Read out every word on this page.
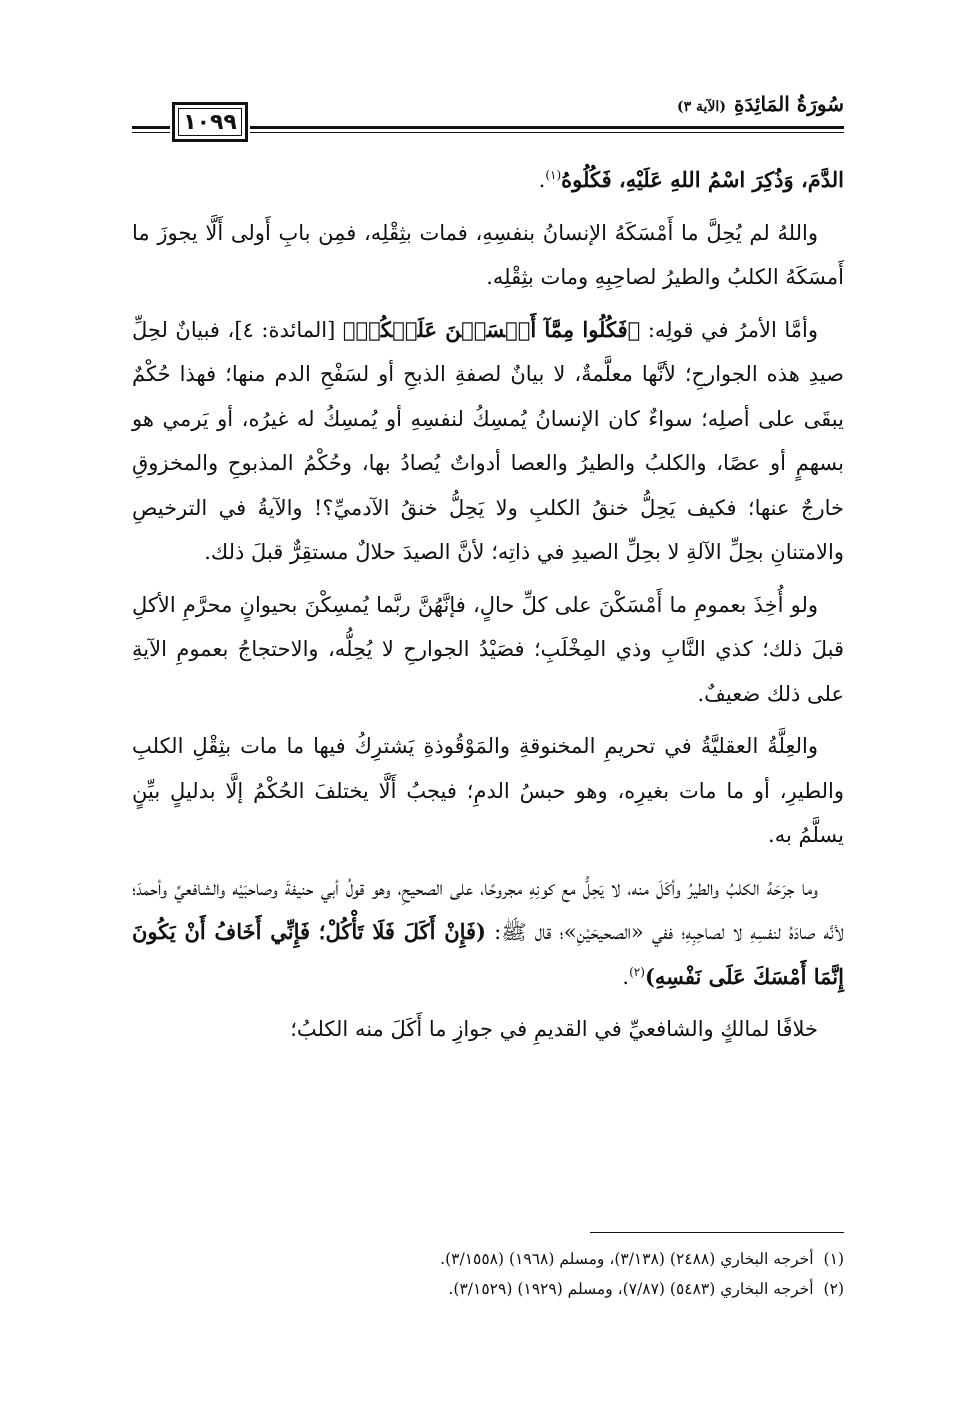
١٠٩٩
سُورَةُ المَائِدَةِ(الآية ٣)

الدَّمَ، وَذُكِرَ اسْمُ اللهِ عَلَيْهِ، فَكُلُوهُ$^{(١)}$.

واللهُ لم يُحِلَّ ما أَمْسَكَهُ الإنسانُ بنفسِهِ، فمات بثِقْلِه، فمِن بابِ أَولى أَلَّا يجوزَ ما أَمسَكَهُ الكلبُ والطيرُ لصاحِبِهِ ومات بثِقْلِه.

وأمَّا الأمرُ في قولِه: ﴿فَكُلُوا مِمَّآ أَمۡسَكۡنَ عَلَيۡكُمۡ﴾ [المائدة: ٤]، فبيانٌ لحِلِّ صيدِ هذه الجوارحِ؛ لأنَّها معلَّمةٌ، لا بيانٌ لصفةِ الذبحِ أو لسَفْحِ الدم منها؛ فهذا حُكْمٌ يبقَى على أصلِه؛ سواءٌ كان الإنسانُ يُمسِكُ لنفسِهِ أو يُمسِكُ له غيرُه، أو يَرمي هو بسهمٍ أو عصًا، والكلبُ والطيرُ والعصا أدواتٌ يُصادُ بها، وحُكْمُ المذبوحِ والمخزوقِ خارجٌ عنها؛ فكيف يَحِلُّ خنقُ الكلبِ ولا يَحِلُّ خنقُ الآدميِّ؟! والآيةُ في الترخيصِ والامتنانِ بحِلِّ الآلةِ لا بحِلِّ الصيدِ في ذاتِه؛ لأنَّ الصيدَ حلالٌ مستقِرٌّ قبلَ ذلك.

ولو أُخِذَ بعمومِ ما أَمْسَكْنَ على كلِّ حالٍ، فإنَّهُنَّ ربَّما يُمسِكْنَ بحيوانٍ محرَّمِ الأكلِ قبلَ ذلك؛ كذي النَّابِ وذي المِخْلَبِ؛ فصَيْدُ الجوارحِ لا يُحِلُّه، والاحتجاجُ بعمومِ الآيةِ على ذلك ضعيفٌ.

والعِلَّةُ العقليَّةُ في تحريمِ المخنوقةِ والمَوْقُوذةِ يَشترِكُ فيها ما مات بثِقْلِ الكلبِ والطيرِ، أو ما مات بغيرِه، وهو حبسُ الدمِ؛ فيجبُ أَلَّا يختلفَ الحُكْمُ إلَّا بدليلٍ بيِّنٍ يسلَّمُ به.

وما جرَحَهُ الكلبُ والطيرُ وأكَلَ منه، لا يَحِلُّ مع كونِهِ مجروحًا، على الصحيحِ، وهو قولُ أبي حنيفةَ وصاحبَيْه والشافعيِّ وأحمدَ؛ لأنَّه صادَهُ لنفسِهِ لا لصاحِبِهِ؛ ففي «الصحيحَيْنِ»؛ قال ﷺ: (فَإِنْ أَكَلَ فَلَا تَأْكُلْ؛ فَإِنِّي أَخَافُ أَنْ يَكُونَ إِنَّمَا أَمْسَكَ عَلَى نَفْسِهِ)$^{(٢)}$.

خلافًا لمالكٍ والشافعيِّ في القديمِ في جوازِ ما أَكَلَ منه الكلبُ؛

(١)أخرجه البخاري (٢٤٨٨) (٣/١٣٨)، ومسلم (١٩٦٨) (٣/١٥٥٨).
(٢)أخرجه البخاري (٥٤٨٣) (٧/٨٧)، ومسلم (١٩٢٩) (٣/١٥٢٩).
